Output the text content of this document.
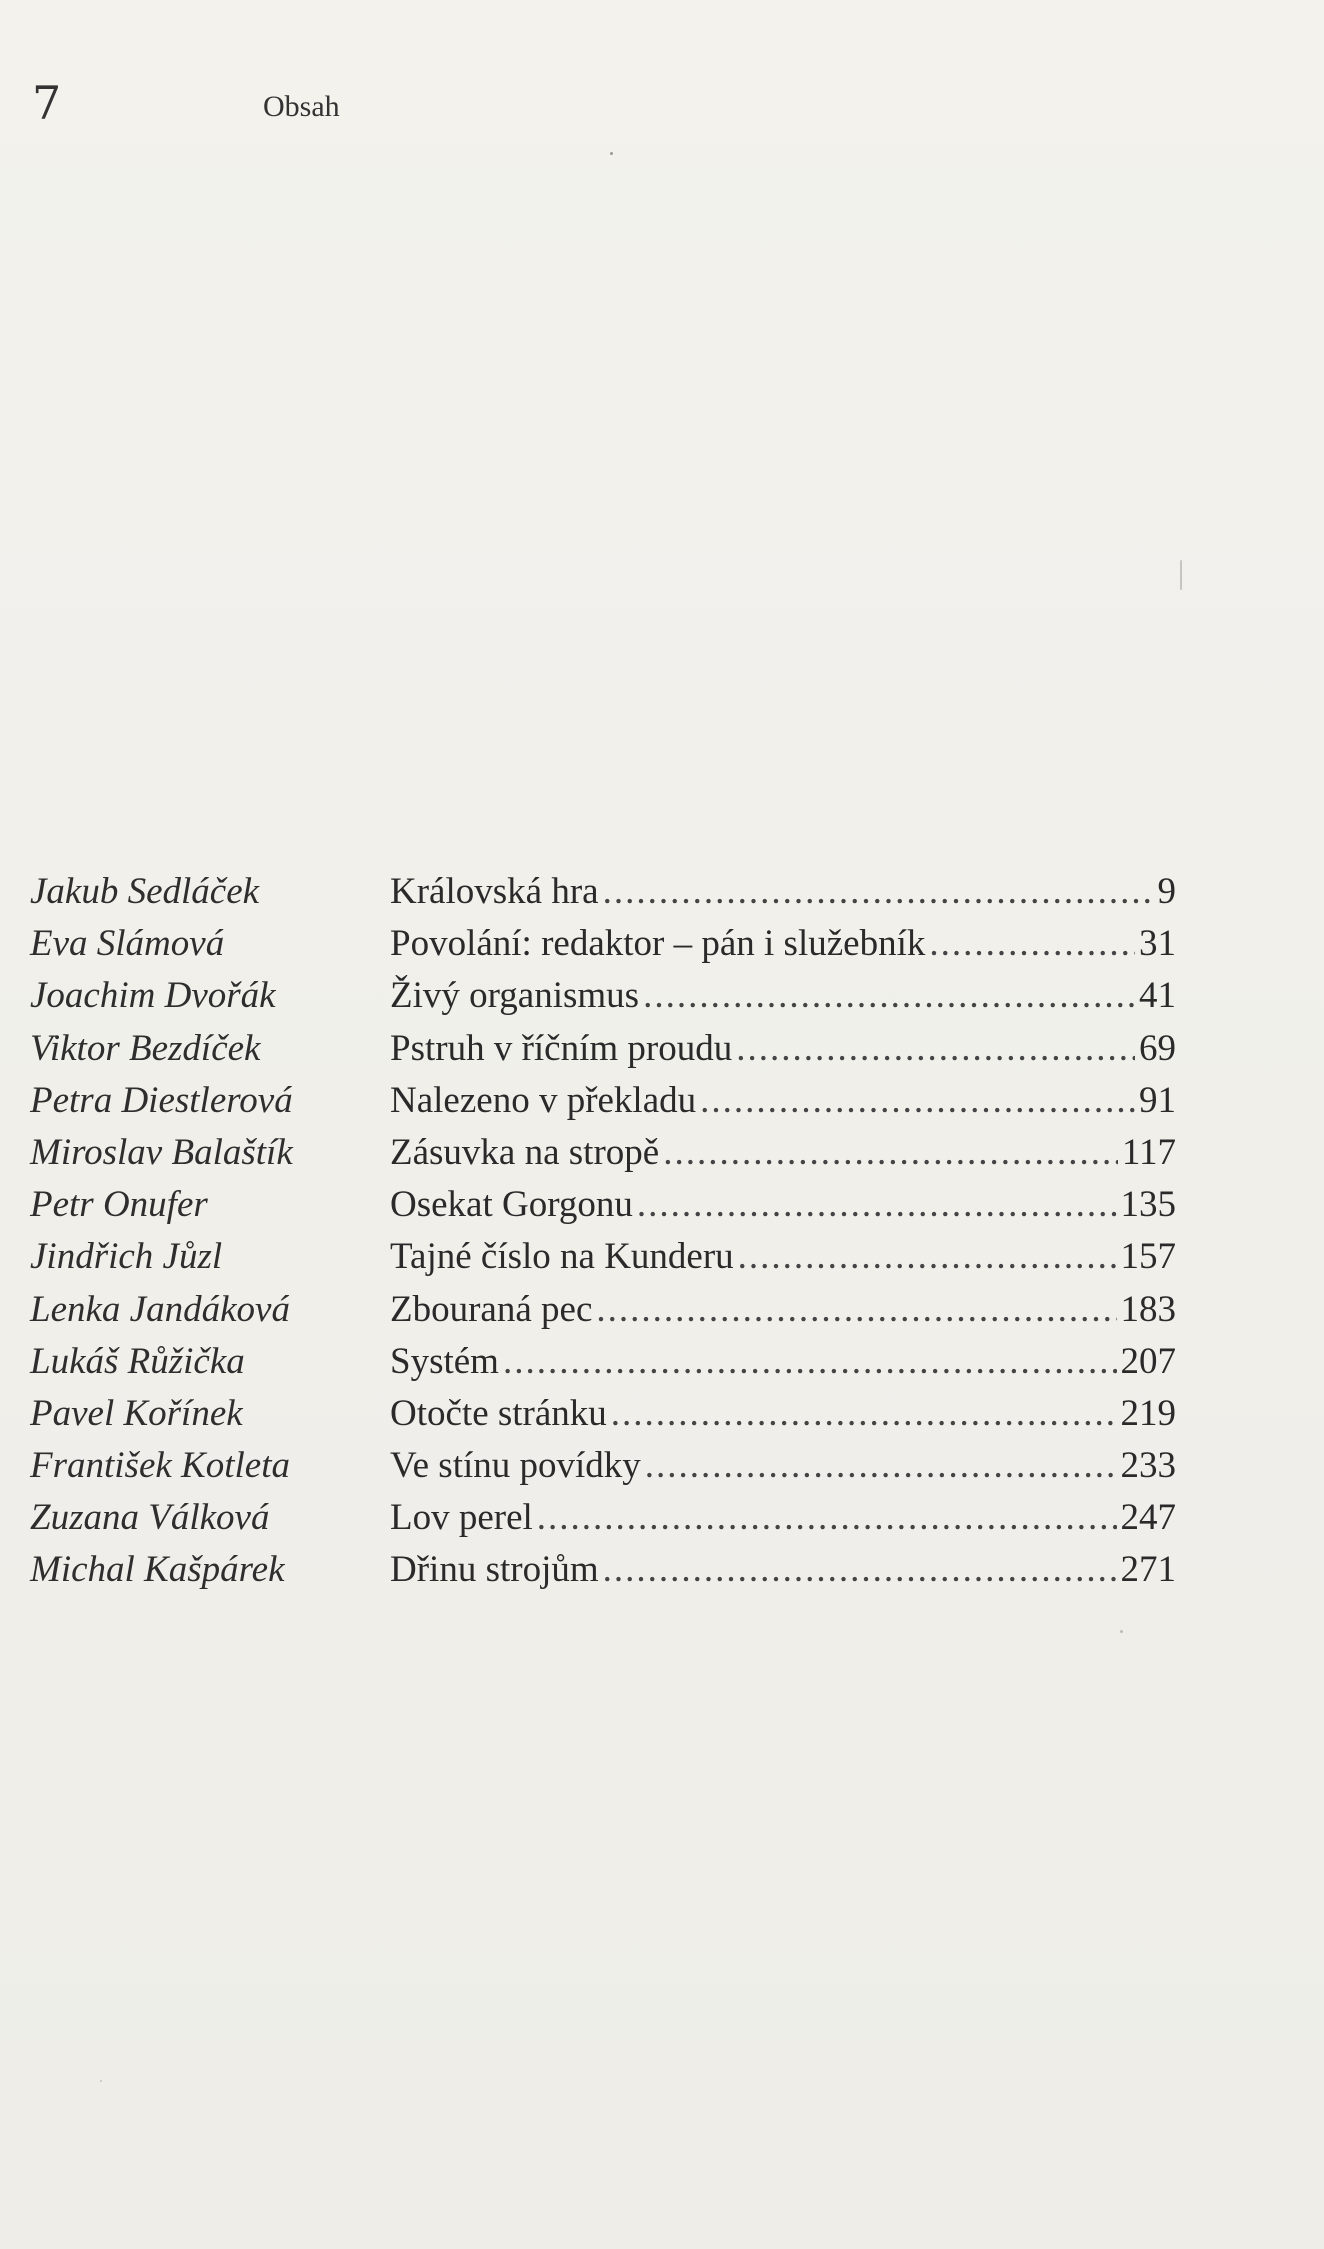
7	Obsah
Jakub Sedláček	Královská hra .....	9
Eva Slámová	Povolání: redaktor – pán i služebník .....	31
Joachim Dvořák	Živý organismus .....	41
Viktor Bezdíček	Pstruh v říčním proudu .....	69
Petra Diestlerová	Nalezeno v překladu .....	91
Miroslav Balaštík	Zásuvka na stropě .....	117
Petr Onufer	Osekat Gorgonu .....	135
Jindřich Jůzl	Tajné číslo na Kunderu .....	157
Lenka Jandáková	Zbouraná pec .....	183
Lukáš Růžička	Systém .....	207
Pavel Kořínek	Otočte stránku .....	219
František Kotleta	Ve stínu povídky .....	233
Zuzana Válková	Lov perel .....	247
Michal Kašpárek	Dřinu strojům .....	271
